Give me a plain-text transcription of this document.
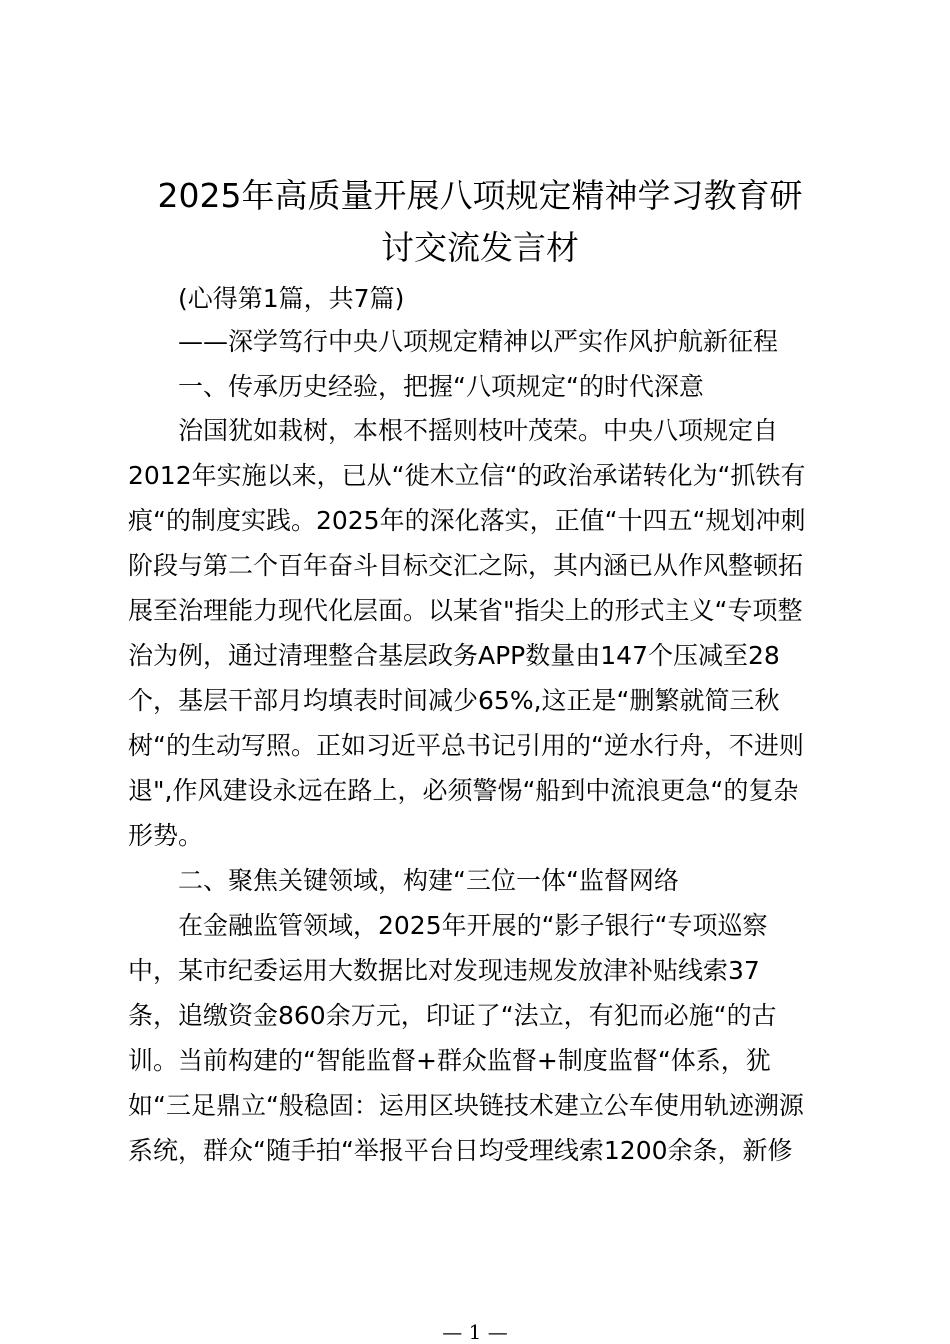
2025年高质量开展八项规定精神学习教育研
讨交流发言材
(心得第1篇，共7篇)
——深学笃行中央八项规定精神以严实作风护航新征程
一、传承历史经验，把握“八项规定“的时代深意
治国犹如栽树，本根不摇则枝叶茂荣。中央八项规定自
2012年实施以来，已从“徙木立信“的政治承诺转化为“抓铁有
痕“的制度实践。2025年的深化落实，正值“十四五“规划冲刺
阶段与第二个百年奋斗目标交汇之际，其内涵已从作风整顿拓
展至治理能力现代化层面。以某省"指尖上的形式主义“专项整
治为例，通过清理整合基层政务APP数量由147个压减至28
个，基层干部月均填表时间减少65%,这正是“删繁就简三秋
树“的生动写照。正如习近平总书记引用的“逆水行舟，不进则
退",作风建设永远在路上，必须警惕“船到中流浪更急“的复杂
形势。
二、聚焦关键领域，构建“三位一体“监督网络
在金融监管领域，2025年开展的“影子银行“专项巡察
中，某市纪委运用大数据比对发现违规发放津补贴线索37
条，追缴资金860余万元，印证了“法立，有犯而必施“的古
训。当前构建的“智能监督+群众监督+制度监督“体系，犹
如“三足鼎立“般稳固：运用区块链技术建立公车使用轨迹溯源
系统，群众“随手拍“举报平台日均受理线索1200余条，新修
— 1 —
